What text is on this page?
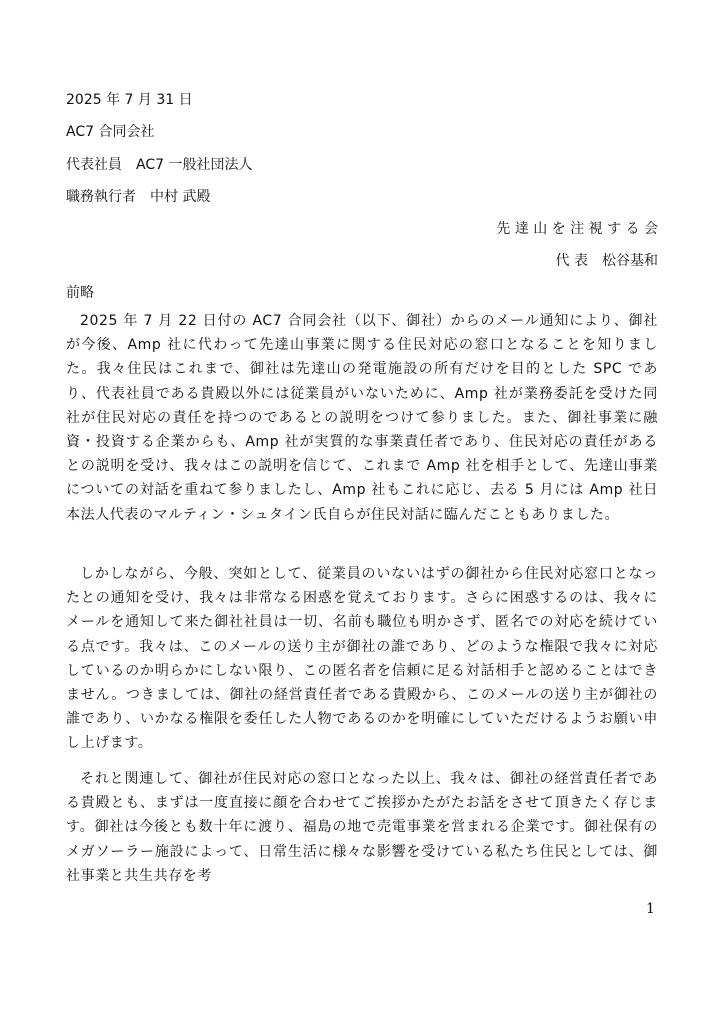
2025 年 7 月 31 日
AC7 合同会社
代表社員　AC7 一般社団法人
職務執行者　中村 武殿
先 達 山 を 注 視 す る 会
代 表　松谷基和
前略
2025 年 7 月 22 日付の AC7 合同会社（以下、御社）からのメール通知により、御社が今後、Amp 社に代わって先達山事業に関する住民対応の窓口となることを知りました。我々住民はこれまで、御社は先達山の発電施設の所有だけを目的とした SPC であり、代表社員である貴殿以外には従業員がいないために、Amp 社が業務委託を受けた同社が住民対応の責任を持つのであるとの説明をつけて参りました。また、御社事業に融資・投資する企業からも、Amp 社が実質的な事業責任者であり、住民対応の責任があるとの説明を受け、我々はこの説明を信じて、これまで Amp 社を相手として、先達山事業についての対話を重ねて参りましたし、Amp 社もこれに応じ、去る 5 月には Amp 社日本法人代表のマルティン・シュタイン氏自らが住民対話に臨んだこともありました。
しかしながら、今般、突如として、従業員のいないはずの御社から住民対応窓口となったとの通知を受け、我々は非常なる困惑を覚えております。さらに困惑するのは、我々にメールを通知して来た御社社員は一切、名前も職位も明かさず、匿名での対応を続けている点です。我々は、このメールの送り主が御社の誰であり、どのような権限で我々に対応しているのか明らかにしない限り、この匿名者を信頼に足る対話相手と認めることはできません。つきましては、御社の経営責任者である貴殿から、このメールの送り主が御社の誰であり、いかなる権限を委任した人物であるのかを明確にしていただけるようお願い申し上げます。
それと関連して、御社が住民対応の窓口となった以上、我々は、御社の経営責任者である貴殿とも、まずは一度直接に顔を合わせてご挨拶かたがたお話をさせて頂きたく存じます。御社は今後とも数十年に渡り、福島の地で売電事業を営まれる企業です。御社保有のメガソーラー施設によって、日常生活に様々な影響を受けている私たち住民としては、御社事業と共生共存を考
1
